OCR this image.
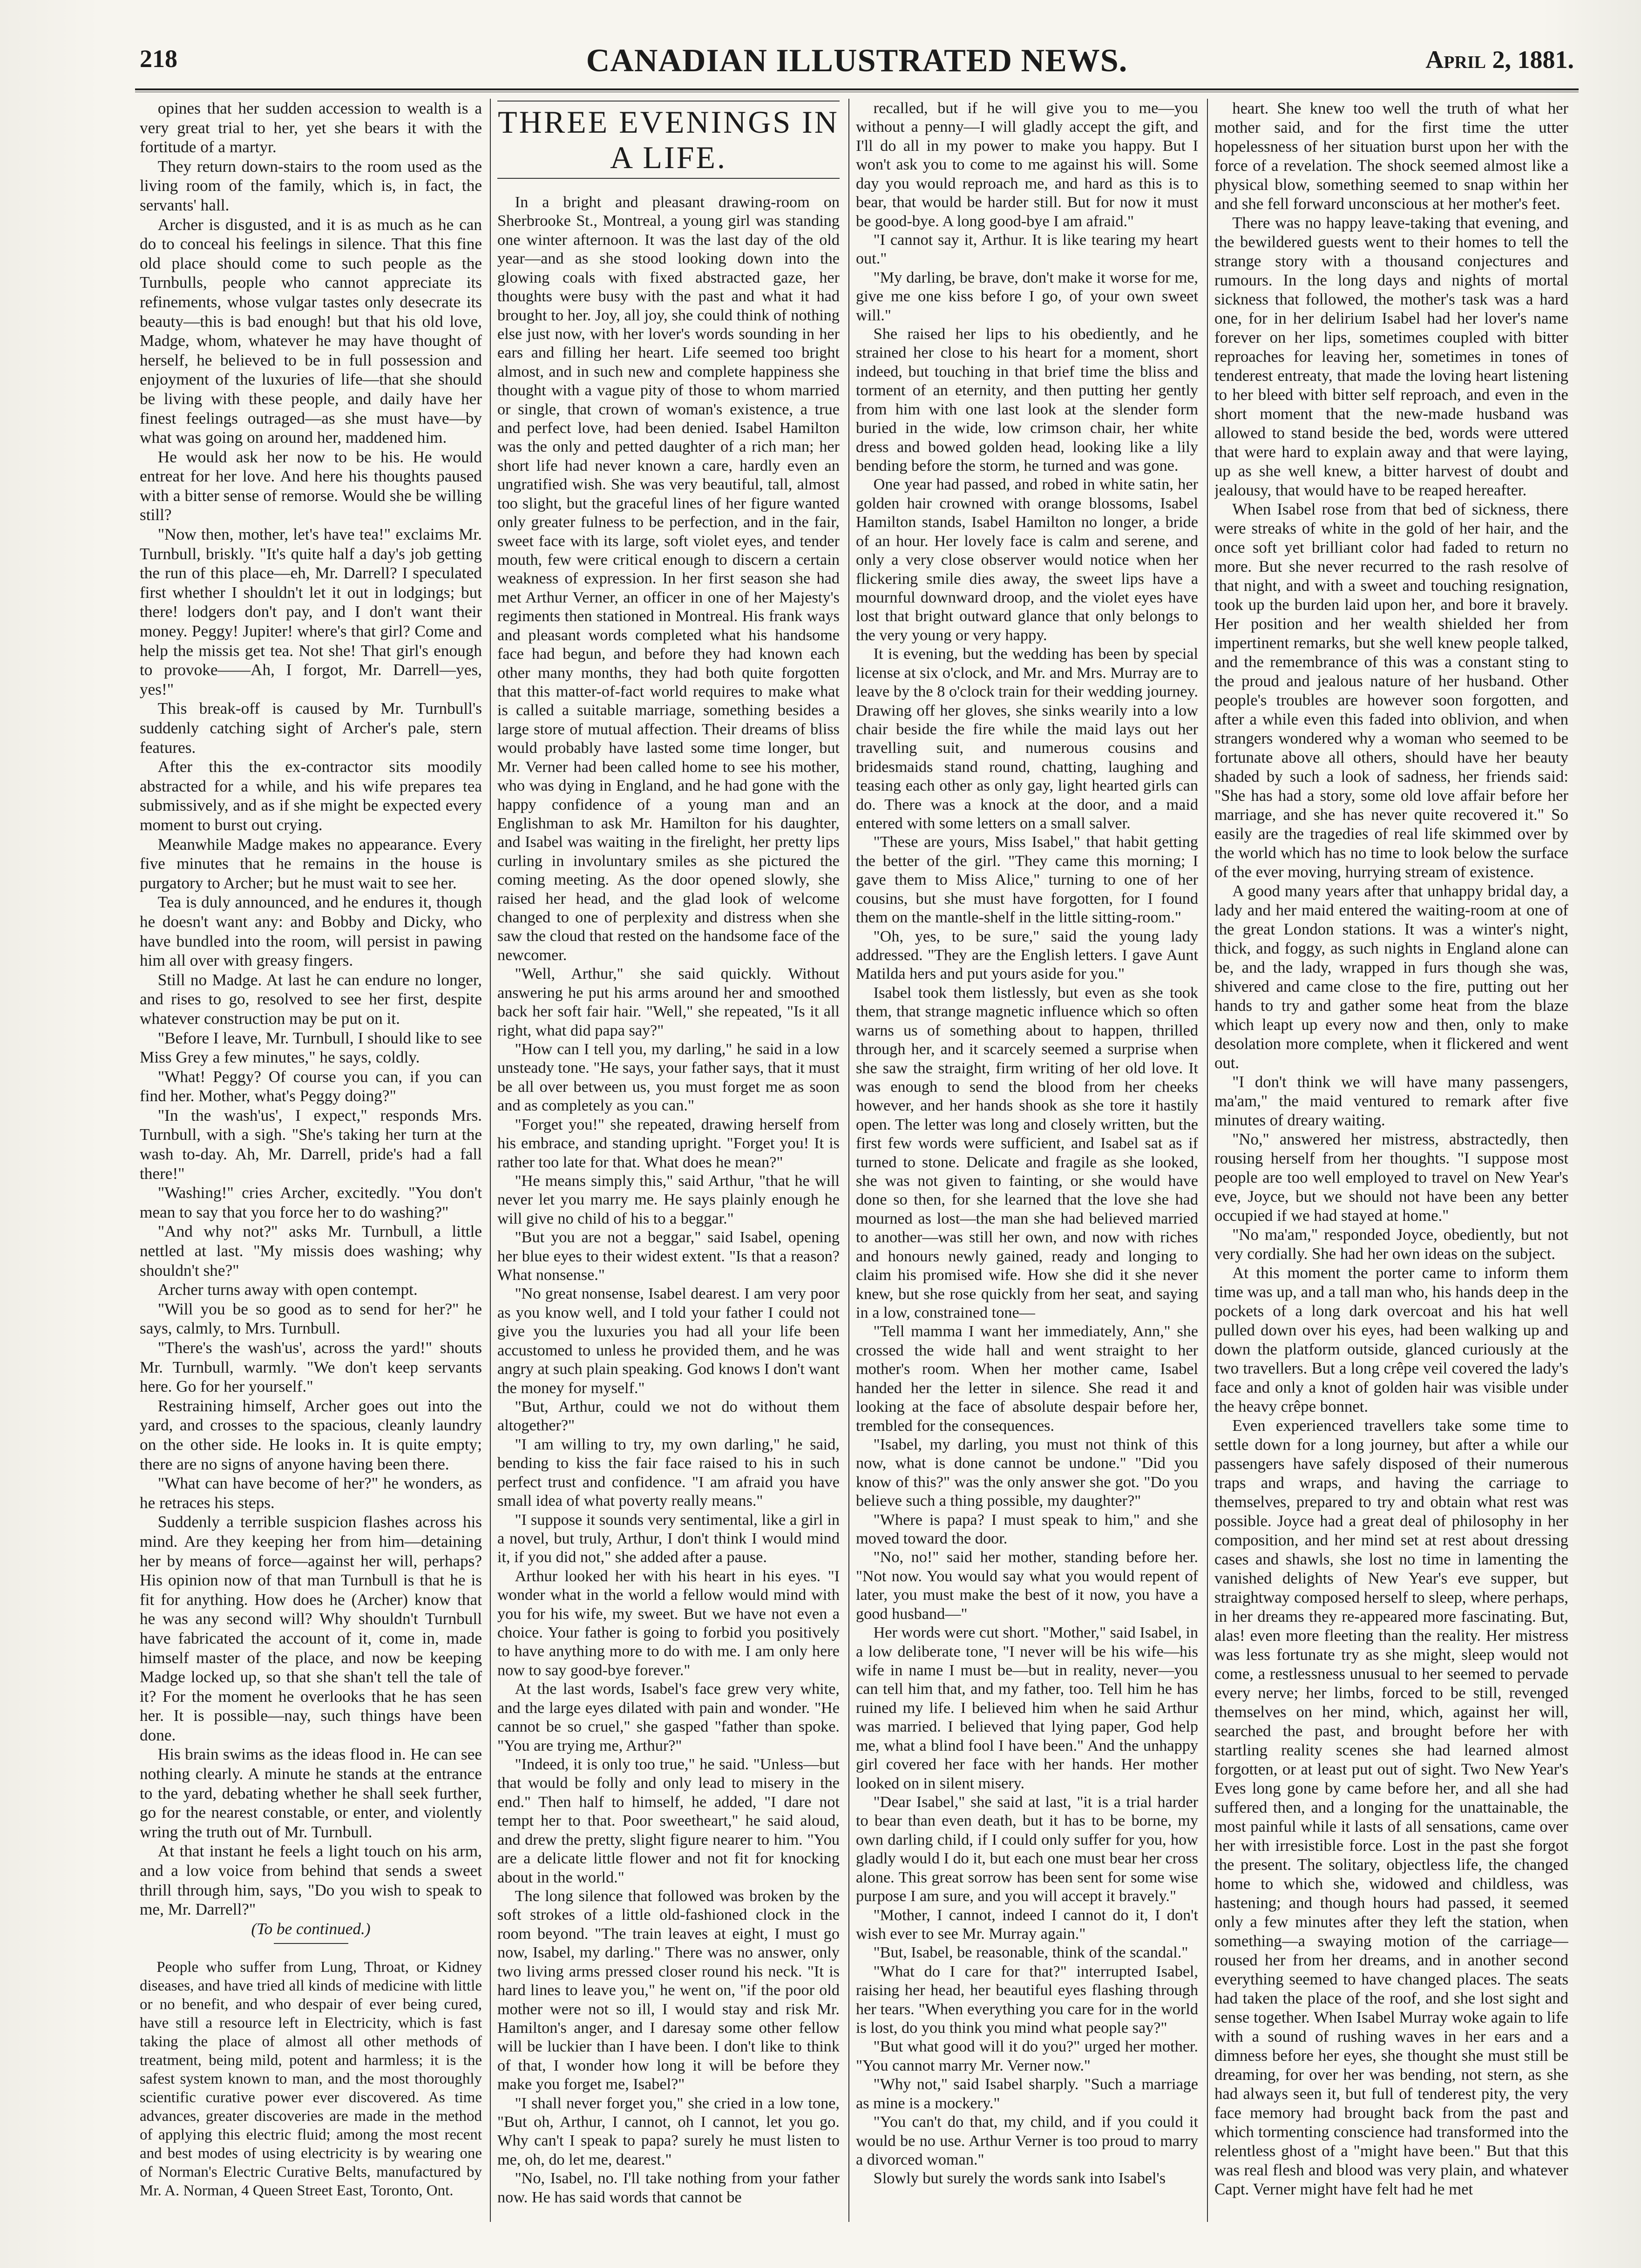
218	CANADIAN ILLUSTRATED NEWS.	April 2, 1881.

opines that her sudden accession to wealth is a very great trial to her, yet she bears it with the fortitude of a martyr.

They return down-stairs to the room used as the living room of the family, which is, in fact, the servants' hall.

Archer is disgusted, and it is as much as he can do to conceal his feelings in silence. That this fine old place should come to such people as the Turnbulls, people who cannot appreciate its refinements, whose vulgar tastes only desecrate its beauty—this is bad enough! but that his old love, Madge, whom, whatever he may have thought of herself, he believed to be in full possession and enjoyment of the luxuries of life—that she should be living with these people, and daily have her finest feelings outraged—as she must have—by what was going on around her, maddened him.

He would ask her now to be his. He would entreat for her love. And here his thoughts paused with a bitter sense of remorse. Would she be willing still?

"Now then, mother, let's have tea!" exclaims Mr. Turnbull, briskly. "It's quite half a day's job getting the run of this place—eh, Mr. Darrell? I speculated first whether I shouldn't let it out in lodgings; but there! lodgers don't pay, and I don't want their money. Peggy! Jupiter! where's that girl? Come and help the missis get tea. Not she! That girl's enough to provoke——Ah, I forgot, Mr. Darrell—yes, yes!"

This break-off is caused by Mr. Turnbull's suddenly catching sight of Archer's pale, stern features.

After this the ex-contractor sits moodily abstracted for a while, and his wife prepares tea submissively, and as if she might be expected every moment to burst out crying.

Meanwhile Madge makes no appearance. Every five minutes that he remains in the house is purgatory to Archer; but he must wait to see her.

Tea is duly announced, and he endures it, though he doesn't want any: and Bobby and Dicky, who have bundled into the room, will persist in pawing him all over with greasy fingers.

Still no Madge. At last he can endure no longer, and rises to go, resolved to see her first, despite whatever construction may be put on it.

"Before I leave, Mr. Turnbull, I should like to see Miss Grey a few minutes," he says, coldly.

"What! Peggy? Of course you can, if you can find her. Mother, what's Peggy doing?"

"In the wash'us', I expect," responds Mrs. Turnbull, with a sigh. "She's taking her turn at the wash to-day. Ah, Mr. Darrell, pride's had a fall there!"

"Washing!" cries Archer, excitedly. "You don't mean to say that you force her to do washing?"

"And why not?" asks Mr. Turnbull, a little nettled at last. "My missis does washing; why shouldn't she?"

Archer turns away with open contempt.

"Will you be so good as to send for her?" he says, calmly, to Mrs. Turnbull.

"There's the wash'us', across the yard!" shouts Mr. Turnbull, warmly. "We don't keep servants here. Go for her yourself."

Restraining himself, Archer goes out into the yard, and crosses to the spacious, cleanly laundry on the other side. He looks in. It is quite empty; there are no signs of anyone having been there.

"What can have become of her?" he wonders, as he retraces his steps.

Suddenly a terrible suspicion flashes across his mind. Are they keeping her from him—detaining her by means of force—against her will, perhaps? His opinion now of that man Turnbull is that he is fit for anything. How does he (Archer) know that he was any second will? Why shouldn't Turnbull have fabricated the account of it, come in, made himself master of the place, and now be keeping Madge locked up, so that she shan't tell the tale of it? For the moment he overlooks that he has seen her. It is possible—nay, such things have been done.

His brain swims as the ideas flood in. He can see nothing clearly. A minute he stands at the entrance to the yard, debating whether he shall seek further, go for the nearest constable, or enter, and violently wring the truth out of Mr. Turnbull.

At that instant he feels a light touch on his arm, and a low voice from behind that sends a sweet thrill through him, says, "Do you wish to speak to me, Mr. Darrell?"

(To be continued.)

People who suffer from Lung, Throat, or Kidney diseases, and have tried all kinds of medicine with little or no benefit, and who despair of ever being cured, have still a resource left in Electricity, which is fast taking the place of almost all other methods of treatment, being mild, potent and harmless; it is the safest system known to man, and the most thoroughly scientific curative power ever discovered. As time advances, greater discoveries are made in the method of applying this electric fluid; among the most recent and best modes of using electricity is by wearing one of Norman's Electric Curative Belts, manufactured by Mr. A. Norman, 4 Queen Street East, Toronto, Ont.

THREE EVENINGS IN A LIFE.

In a bright and pleasant drawing-room on Sherbrooke St., Montreal, a young girl was standing one winter afternoon. It was the last day of the old year—and as she stood looking down into the glowing coals with fixed abstracted gaze, her thoughts were busy with the past and what it had brought to her. Joy, all joy, she could think of nothing else just now, with her lover's words sounding in her ears and filling her heart. Life seemed too bright almost, and in such new and complete happiness she thought with a vague pity of those to whom married or single, that crown of woman's existence, a true and perfect love, had been denied. Isabel Hamilton was the only and petted daughter of a rich man; her short life had never known a care, hardly even an ungratified wish. She was very beautiful, tall, almost too slight, but the graceful lines of her figure wanted only greater fulness to be perfection, and in the fair, sweet face with its large, soft violet eyes, and tender mouth, few were critical enough to discern a certain weakness of expression. In her first season she had met Arthur Verner, an officer in one of her Majesty's regiments then stationed in Montreal. His frank ways and pleasant words completed what his handsome face had begun, and before they had known each other many months, they had both quite forgotten that this matter-of-fact world requires to make what is called a suitable marriage, something besides a large store of mutual affection. Their dreams of bliss would probably have lasted some time longer, but Mr. Verner had been called home to see his mother, who was dying in England, and he had gone with the happy confidence of a young man and an Englishman to ask Mr. Hamilton for his daughter, and Isabel was waiting in the firelight, her pretty lips curling in involuntary smiles as she pictured the coming meeting. As the door opened slowly, she raised her head, and the glad look of welcome changed to one of perplexity and distress when she saw the cloud that rested on the handsome face of the newcomer.

"Well, Arthur," she said quickly. Without answering he put his arms around her and smoothed back her soft fair hair. "Well," she repeated, "Is it all right, what did papa say?"

"How can I tell you, my darling," he said in a low unsteady tone. "He says, your father says, that it must be all over between us, you must forget me as soon and as completely as you can."

"Forget you!" she repeated, drawing herself from his embrace, and standing upright. "Forget you! It is rather too late for that. What does he mean?"

"He means simply this," said Arthur, "that he will never let you marry me. He says plainly enough he will give no child of his to a beggar."

"But you are not a beggar," said Isabel, opening her blue eyes to their widest extent. "Is that a reason? What nonsense."

"No great nonsense, Isabel dearest. I am very poor as you know well, and I told your father I could not give you the luxuries you had all your life been accustomed to unless he provided them, and he was angry at such plain speaking. God knows I don't want the money for myself."

"But, Arthur, could we not do without them altogether?"

"I am willing to try, my own darling," he said, bending to kiss the fair face raised to his in such perfect trust and confidence. "I am afraid you have small idea of what poverty really means."

"I suppose it sounds very sentimental, like a girl in a novel, but truly, Arthur, I don't think I would mind it, if you did not," she added after a pause.

Arthur looked her with his heart in his eyes. "I wonder what in the world a fellow would mind with you for his wife, my sweet. But we have not even a choice. Your father is going to forbid you positively to have anything more to do with me. I am only here now to say good-bye forever."

At the last words, Isabel's face grew very white, and the large eyes dilated with pain and wonder. "He cannot be so cruel," she gasped "father than spoke. "You are trying me, Arthur?"

"Indeed, it is only too true," he said. "Unless—but that would be folly and only lead to misery in the end." Then half to himself, he added, "I dare not tempt her to that. Poor sweetheart," he said aloud, and drew the pretty, slight figure nearer to him. "You are a delicate little flower and not fit for knocking about in the world."

The long silence that followed was broken by the soft strokes of a little old-fashioned clock in the room beyond. "The train leaves at eight, I must go now, Isabel, my darling." There was no answer, only two living arms pressed closer round his neck. "It is hard lines to leave you," he went on, "if the poor old mother were not so ill, I would stay and risk Mr. Hamilton's anger, and I daresay some other fellow will be luckier than I have been. I don't like to think of that, I wonder how long it will be before they make you forget me, Isabel?"

"I shall never forget you," she cried in a low tone, "But oh, Arthur, I cannot, oh I cannot, let you go. Why can't I speak to papa? surely he must listen to me, oh, do let me, dearest."

"No, Isabel, no. I'll take nothing from your father now. He has said words that cannot be

recalled, but if he will give you to me—you without a penny—I will gladly accept the gift, and I'll do all in my power to make you happy. But I won't ask you to come to me against his will. Some day you would reproach me, and hard as this is to bear, that would be harder still. But for now it must be good-bye. A long good-bye I am afraid."

"I cannot say it, Arthur. It is like tearing my heart out."

"My darling, be brave, don't make it worse for me, give me one kiss before I go, of your own sweet will."

She raised her lips to his obediently, and he strained her close to his heart for a moment, short indeed, but touching in that brief time the bliss and torment of an eternity, and then putting her gently from him with one last look at the slender form buried in the wide, low crimson chair, her white dress and bowed golden head, looking like a lily bending before the storm, he turned and was gone.

One year had passed, and robed in white satin, her golden hair crowned with orange blossoms, Isabel Hamilton stands, Isabel Hamilton no longer, a bride of an hour. Her lovely face is calm and serene, and only a very close observer would notice when her flickering smile dies away, the sweet lips have a mournful downward droop, and the violet eyes have lost that bright outward glance that only belongs to the very young or very happy.

It is evening, but the wedding has been by special license at six o'clock, and Mr. and Mrs. Murray are to leave by the 8 o'clock train for their wedding journey. Drawing off her gloves, she sinks wearily into a low chair beside the fire while the maid lays out her travelling suit, and numerous cousins and bridesmaids stand round, chatting, laughing and teasing each other as only gay, light hearted girls can do. There was a knock at the door, and a maid entered with some letters on a small salver.

"These are yours, Miss Isabel," that habit getting the better of the girl. "They came this morning; I gave them to Miss Alice," turning to one of her cousins, but she must have forgotten, for I found them on the mantle-shelf in the little sitting-room."

"Oh, yes, to be sure," said the young lady addressed. "They are the English letters. I gave Aunt Matilda hers and put yours aside for you."

Isabel took them listlessly, but even as she took them, that strange magnetic influence which so often warns us of something about to happen, thrilled through her, and it scarcely seemed a surprise when she saw the straight, firm writing of her old love. It was enough to send the blood from her cheeks however, and her hands shook as she tore it hastily open. The letter was long and closely written, but the first few words were sufficient, and Isabel sat as if turned to stone. Delicate and fragile as she looked, she was not given to fainting, or she would have done so then, for she learned that the love she had mourned as lost—the man she had believed married to another—was still her own, and now with riches and honours newly gained, ready and longing to claim his promised wife. How she did it she never knew, but she rose quickly from her seat, and saying in a low, constrained tone—

"Tell mamma I want her immediately, Ann," she crossed the wide hall and went straight to her mother's room. When her mother came, Isabel handed her the letter in silence. She read it and looking at the face of absolute despair before her, trembled for the consequences.

"Isabel, my darling, you must not think of this now, what is done cannot be undone." "Did you know of this?" was the only answer she got. "Do you believe such a thing possible, my daughter?"

"Where is papa? I must speak to him," and she moved toward the door.

"No, no!" said her mother, standing before her. "Not now. You would say what you would repent of later, you must make the best of it now, you have a good husband—"

Her words were cut short. "Mother," said Isabel, in a low deliberate tone, "I never will be his wife—his wife in name I must be—but in reality, never—you can tell him that, and my father, too. Tell him he has ruined my life. I believed him when he said Arthur was married. I believed that lying paper, God help me, what a blind fool I have been." And the unhappy girl covered her face with her hands. Her mother looked on in silent misery.

"Dear Isabel," she said at last, "it is a trial harder to bear than even death, but it has to be borne, my own darling child, if I could only suffer for you, how gladly would I do it, but each one must bear her cross alone. This great sorrow has been sent for some wise purpose I am sure, and you will accept it bravely."

"Mother, I cannot, indeed I cannot do it, I don't wish ever to see Mr. Murray again."

"But, Isabel, be reasonable, think of the scandal."

"What do I care for that?" interrupted Isabel, raising her head, her beautiful eyes flashing through her tears. "When everything you care for in the world is lost, do you think you mind what people say?"

"But what good will it do you?" urged her mother. "You cannot marry Mr. Verner now."

"Why not," said Isabel sharply. "Such a marriage as mine is a mockery."

"You can't do that, my child, and if you could it would be no use. Arthur Verner is too proud to marry a divorced woman."

Slowly but surely the words sank into Isabel's

heart. She knew too well the truth of what her mother said, and for the first time the utter hopelessness of her situation burst upon her with the force of a revelation. The shock seemed almost like a physical blow, something seemed to snap within her and she fell forward unconscious at her mother's feet.

There was no happy leave-taking that evening, and the bewildered guests went to their homes to tell the strange story with a thousand conjectures and rumours. In the long days and nights of mortal sickness that followed, the mother's task was a hard one, for in her delirium Isabel had her lover's name forever on her lips, sometimes coupled with bitter reproaches for leaving her, sometimes in tones of tenderest entreaty, that made the loving heart listening to her bleed with bitter self reproach, and even in the short moment that the new-made husband was allowed to stand beside the bed, words were uttered that were hard to explain away and that were laying, up as she well knew, a bitter harvest of doubt and jealousy, that would have to be reaped hereafter.

When Isabel rose from that bed of sickness, there were streaks of white in the gold of her hair, and the once soft yet brilliant color had faded to return no more. But she never recurred to the rash resolve of that night, and with a sweet and touching resignation, took up the burden laid upon her, and bore it bravely. Her position and her wealth shielded her from impertinent remarks, but she well knew people talked, and the remembrance of this was a constant sting to the proud and jealous nature of her husband. Other people's troubles are however soon forgotten, and after a while even this faded into oblivion, and when strangers wondered why a woman who seemed to be fortunate above all others, should have her beauty shaded by such a look of sadness, her friends said: "She has had a story, some old love affair before her marriage, and she has never quite recovered it." So easily are the tragedies of real life skimmed over by the world which has no time to look below the surface of the ever moving, hurrying stream of existence.

A good many years after that unhappy bridal day, a lady and her maid entered the waiting-room at one of the great London stations. It was a winter's night, thick, and foggy, as such nights in England alone can be, and the lady, wrapped in furs though she was, shivered and came close to the fire, putting out her hands to try and gather some heat from the blaze which leapt up every now and then, only to make desolation more complete, when it flickered and went out.

"I don't think we will have many passengers, ma'am," the maid ventured to remark after five minutes of dreary waiting.

"No," answered her mistress, abstractedly, then rousing herself from her thoughts. "I suppose most people are too well employed to travel on New Year's eve, Joyce, but we should not have been any better occupied if we had stayed at home."

"No ma'am," responded Joyce, obediently, but not very cordially. She had her own ideas on the subject.

At this moment the porter came to inform them time was up, and a tall man who, his hands deep in the pockets of a long dark overcoat and his hat well pulled down over his eyes, had been walking up and down the platform outside, glanced curiously at the two travellers. But a long crêpe veil covered the lady's face and only a knot of golden hair was visible under the heavy crêpe bonnet.

Even experienced travellers take some time to settle down for a long journey, but after a while our passengers have safely disposed of their numerous traps and wraps, and having the carriage to themselves, prepared to try and obtain what rest was possible. Joyce had a great deal of philosophy in her composition, and her mind set at rest about dressing cases and shawls, she lost no time in lamenting the vanished delights of New Year's eve supper, but straightway composed herself to sleep, where perhaps, in her dreams they re-appeared more fascinating. But, alas! even more fleeting than the reality. Her mistress was less fortunate try as she might, sleep would not come, a restlessness unusual to her seemed to pervade every nerve; her limbs, forced to be still, revenged themselves on her mind, which, against her will, searched the past, and brought before her with startling reality scenes she had learned almost forgotten, or at least put out of sight. Two New Year's Eves long gone by came before her, and all she had suffered then, and a longing for the unattainable, the most painful while it lasts of all sensations, came over her with irresistible force. Lost in the past she forgot the present. The solitary, objectless life, the changed home to which she, widowed and childless, was hastening; and though hours had passed, it seemed only a few minutes after they left the station, when something—a swaying motion of the carriage—roused her from her dreams, and in another second everything seemed to have changed places. The seats had taken the place of the roof, and she lost sight and sense together. When Isabel Murray woke again to life with a sound of rushing waves in her ears and a dimness before her eyes, she thought she must still be dreaming, for over her was bending, not stern, as she had always seen it, but full of tenderest pity, the very face memory had brought back from the past and which tormenting conscience had transformed into the relentless ghost of a "might have been." But that this was real flesh and blood was very plain, and whatever Capt. Verner might have felt had he met
